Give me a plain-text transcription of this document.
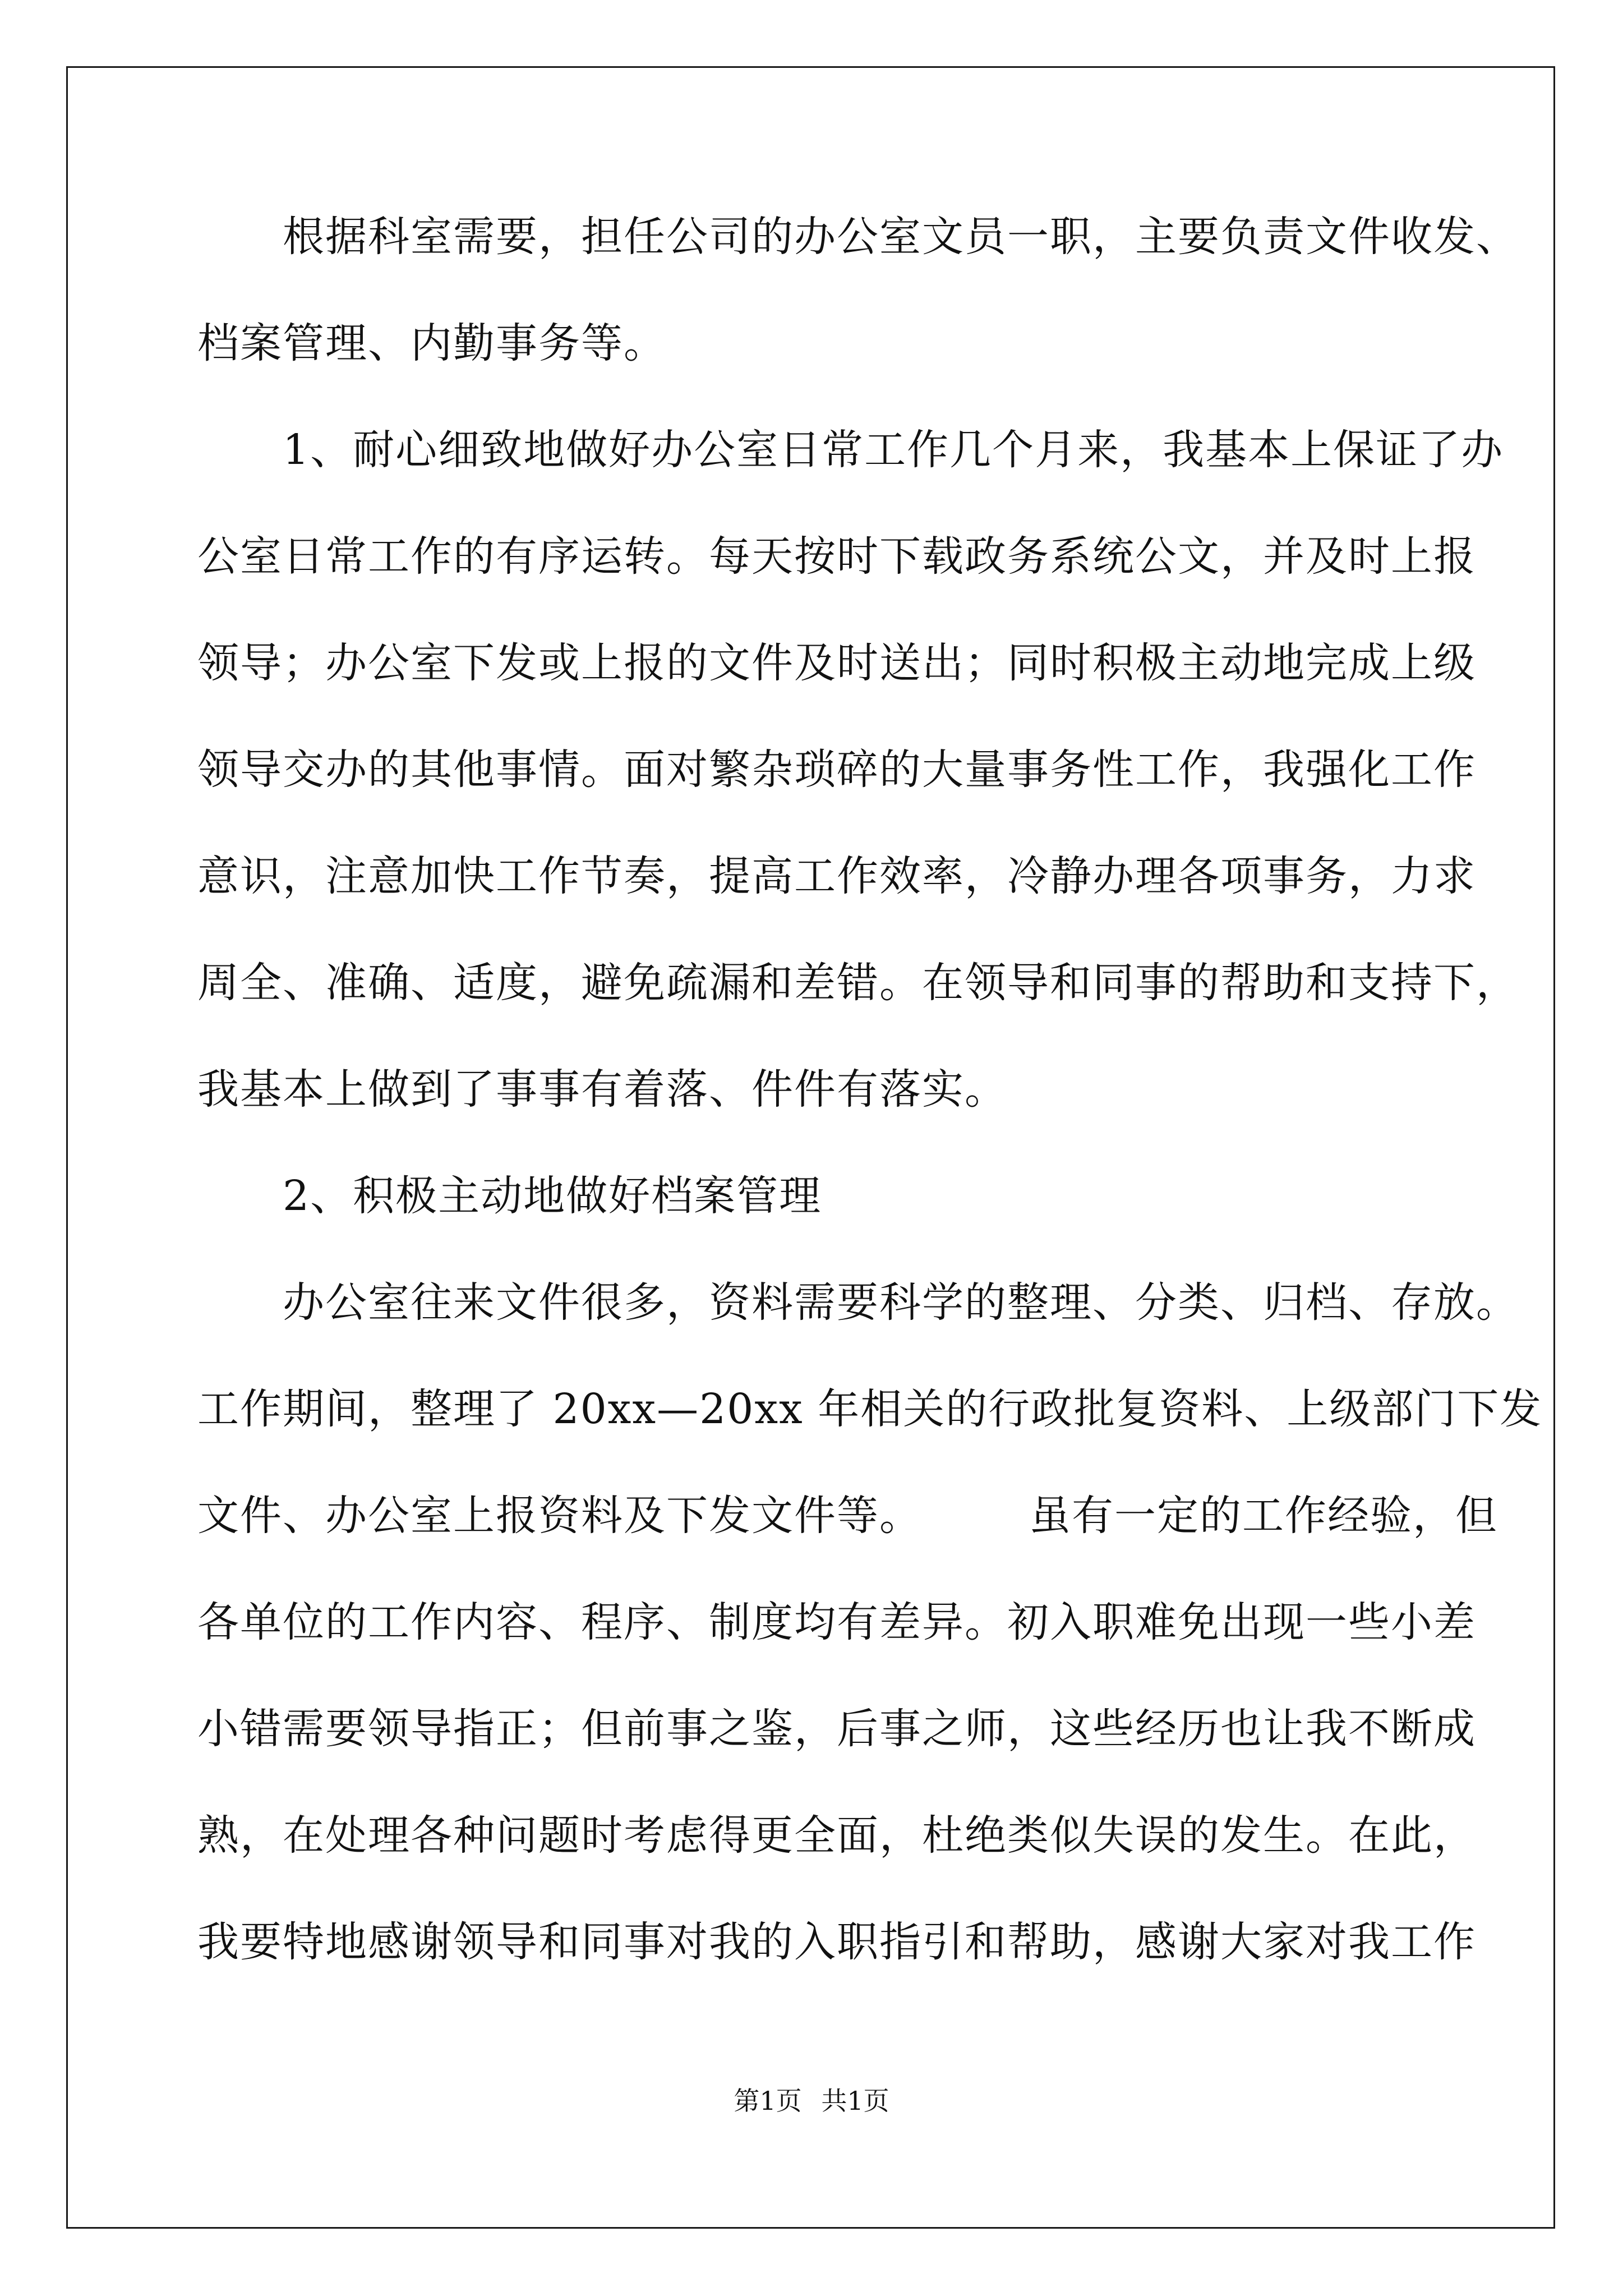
　　根据科室需要，担任公司的办公室文员一职，主要负责文件收发、
档案管理、内勤事务等。
　　1、耐心细致地做好办公室日常工作几个月来，我基本上保证了办
公室日常工作的有序运转。每天按时下载政务系统公文，并及时上报
领导；办公室下发或上报的文件及时送出；同时积极主动地完成上级
领导交办的其他事情。面对繁杂琐碎的大量事务性工作，我强化工作
意识，注意加快工作节奏，提高工作效率，冷静办理各项事务，力求
周全、准确、适度，避免疏漏和差错。在领导和同事的帮助和支持下，
我基本上做到了事事有着落、件件有落实。
　　2、积极主动地做好档案管理
　　办公室往来文件很多，资料需要科学的整理、分类、归档、存放。
工作期间，整理了 20xx—20xx 年相关的行政批复资料、上级部门下发
文件、办公室上报资料及下发文件等。　　　虽有一定的工作经验，但
各单位的工作内容、程序、制度均有差异。初入职难免出现一些小差
小错需要领导指正；但前事之鉴，后事之师，这些经历也让我不断成
熟，在处理各种问题时考虑得更全面，杜绝类似失误的发生。在此，
我要特地感谢领导和同事对我的入职指引和帮助，感谢大家对我工作
第1页 共1页
